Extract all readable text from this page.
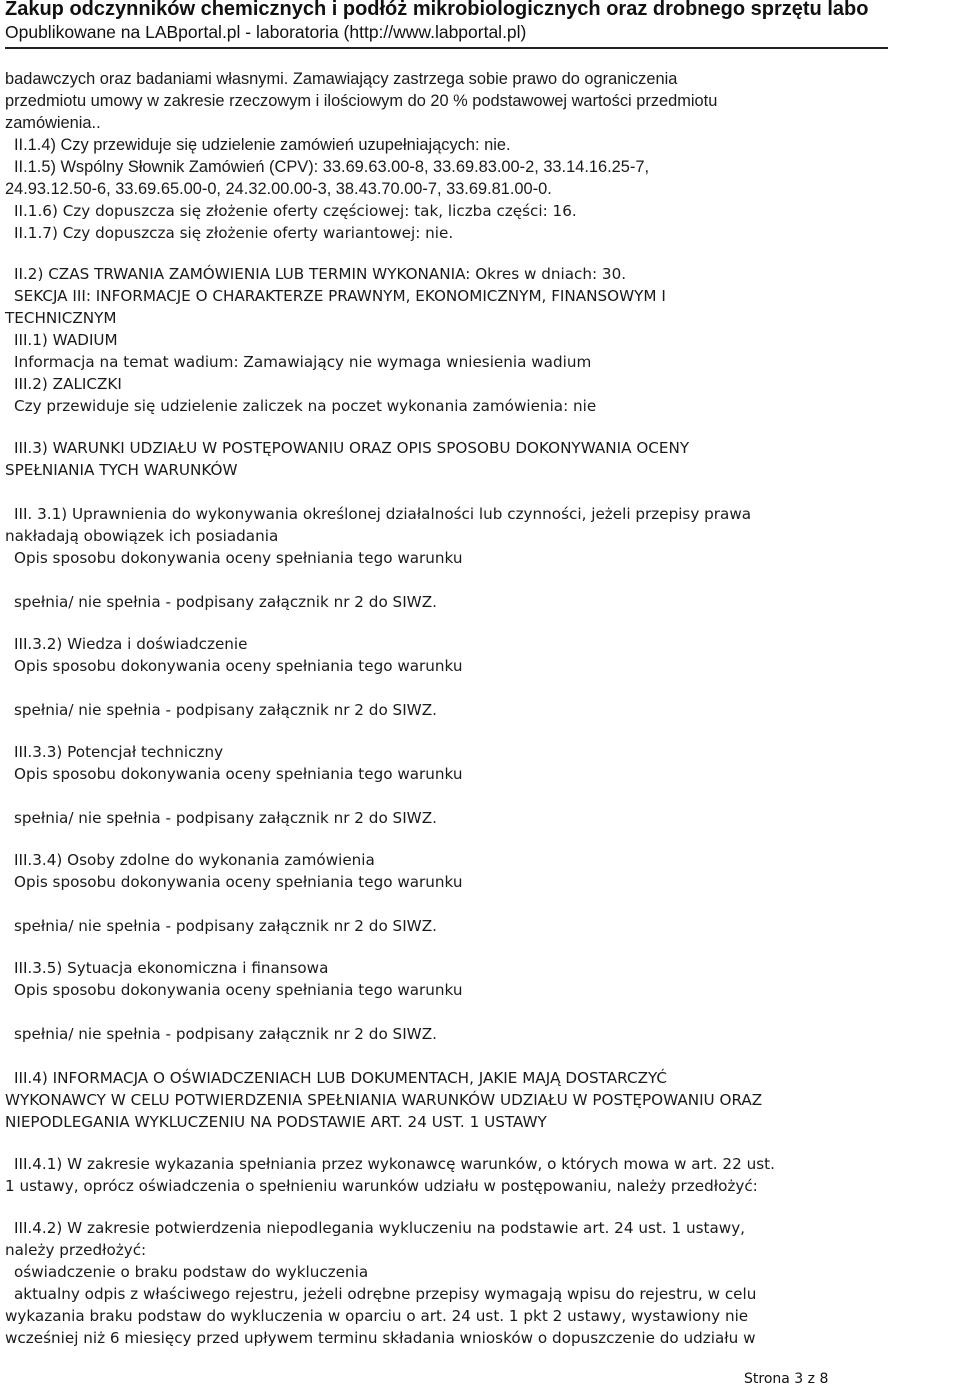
Zakup odczynników chemicznych i podłóż mikrobiologicznych oraz drobnego sprzętu labo
Opublikowane na LABportal.pl - laboratoria (http://www.labportal.pl)
badawczych oraz badaniami własnymi. Zamawiający zastrzega sobie prawo do ograniczenia
przedmiotu umowy w zakresie rzeczowym i ilościowym do 20 % podstawowej wartości przedmiotu
zamówienia..
II.1.4) Czy przewiduje się udzielenie zamówień uzupełniających: nie.
II.1.5) Wspólny Słownik Zamówień (CPV): 33.69.63.00-8, 33.69.83.00-2, 33.14.16.25-7,
24.93.12.50-6, 33.69.65.00-0, 24.32.00.00-3, 38.43.70.00-7, 33.69.81.00-0.
II.1.6) Czy dopuszcza się złożenie oferty częściowej: tak, liczba części: 16.
II.1.7) Czy dopuszcza się złożenie oferty wariantowej: nie.
II.2) CZAS TRWANIA ZAMÓWIENIA LUB TERMIN WYKONANIA: Okres w dniach: 30.
SEKCJA III: INFORMACJE O CHARAKTERZE PRAWNYM, EKONOMICZNYM, FINANSOWYM I
TECHNICZNYM
III.1) WADIUM
Informacja na temat wadium: Zamawiający nie wymaga wniesienia wadium
III.2) ZALICZKI
Czy przewiduje się udzielenie zaliczek na poczet wykonania zamówienia: nie
III.3) WARUNKI UDZIAŁU W POSTĘPOWANIU ORAZ OPIS SPOSOBU DOKONYWANIA OCENY
SPEŁNIANIA TYCH WARUNKÓW
III. 3.1) Uprawnienia do wykonywania określonej działalności lub czynności, jeżeli przepisy prawa
nakładają obowiązek ich posiadania
Opis sposobu dokonywania oceny spełniania tego warunku
spełnia/ nie spełnia - podpisany załącznik nr 2 do SIWZ.
III.3.2) Wiedza i doświadczenie
Opis sposobu dokonywania oceny spełniania tego warunku
spełnia/ nie spełnia - podpisany załącznik nr 2 do SIWZ.
III.3.3) Potencjał techniczny
Opis sposobu dokonywania oceny spełniania tego warunku
spełnia/ nie spełnia - podpisany załącznik nr 2 do SIWZ.
III.3.4) Osoby zdolne do wykonania zamówienia
Opis sposobu dokonywania oceny spełniania tego warunku
spełnia/ nie spełnia - podpisany załącznik nr 2 do SIWZ.
III.3.5) Sytuacja ekonomiczna i finansowa
Opis sposobu dokonywania oceny spełniania tego warunku
spełnia/ nie spełnia - podpisany załącznik nr 2 do SIWZ.
III.4) INFORMACJA O OŚWIADCZENIACH LUB DOKUMENTACH, JAKIE MAJĄ DOSTARCZYĆ
WYKONAWCY W CELU POTWIERDZENIA SPEŁNIANIA WARUNKÓW UDZIAŁU W POSTĘPOWANIU ORAZ
NIEPODLEGANIA WYKLUCZENIU NA PODSTAWIE ART. 24 UST. 1 USTAWY
III.4.1) W zakresie wykazania spełniania przez wykonawcę warunków, o których mowa w art. 22 ust.
1 ustawy, oprócz oświadczenia o spełnieniu warunków udziału w postępowaniu, należy przedłożyć:
III.4.2) W zakresie potwierdzenia niepodlegania wykluczeniu na podstawie art. 24 ust. 1 ustawy,
należy przedłożyć:
oświadczenie o braku podstaw do wykluczenia
aktualny odpis z właściwego rejestru, jeżeli odrębne przepisy wymagają wpisu do rejestru, w celu
wykazania braku podstaw do wykluczenia w oparciu o art. 24 ust. 1 pkt 2 ustawy, wystawiony nie
wcześniej niż 6 miesięcy przed upływem terminu składania wniosków o dopuszczenie do udziału w
Strona 3 z 8
